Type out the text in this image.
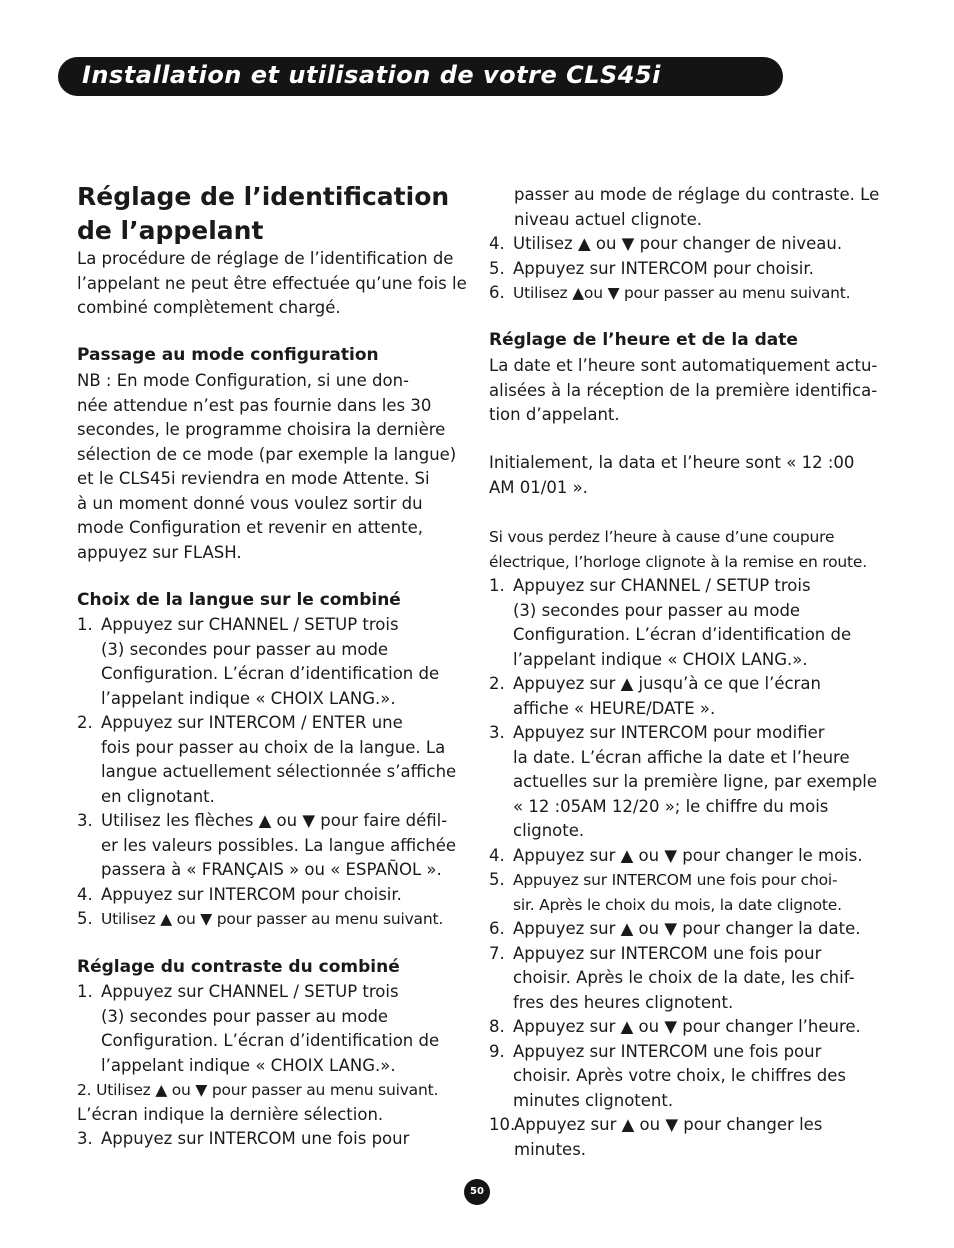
Installation et utilisation de votre CLS45i
Réglage de l’identification
de l’appelant
La procédure de réglage de l’identification de
l’appelant ne peut être effectuée qu’une fois le
combiné complètement chargé.
Passage au mode configuration
NB : En mode Configuration, si une don-
née attendue n’est pas fournie dans les 30
secondes, le programme choisira la dernière
sélection de ce mode (par exemple la langue)
et le CLS45i reviendra en mode Attente. Si
à un moment donné vous voulez sortir du
mode Configuration et revenir en attente,
appuyez sur FLASH.
Choix de la langue sur le combiné
1. Appuyez sur CHANNEL / SETUP trois
(3) secondes pour passer au mode
Configuration. L’écran d’identification de
l’appelant indique « CHOIX LANG.».
2. Appuyez sur INTERCOM / ENTER une
fois pour passer au choix de la langue. La
langue actuellement sélectionnée s’affiche
en clignotant.
3. Utilisez les flèches ▲ ou ▼ pour faire défil-
er les valeurs possibles. La langue affichée
passera à « FRANÇAIS » ou « ESPAÑOL ».
4. Appuyez sur INTERCOM pour choisir.
5. Utilisez ▲ ou ▼ pour passer au menu suivant.
Réglage du contraste du combiné
1. Appuyez sur CHANNEL / SETUP trois
(3) secondes pour passer au mode
Configuration. L’écran d’identification de
l’appelant indique « CHOIX LANG.».
2. Utilisez ▲ ou ▼ pour passer au menu suivant.
L’écran indique la dernière sélection.
3. Appuyez sur INTERCOM une fois pour
passer au mode de réglage du contraste. Le
niveau actuel clignote.
4. Utilisez ▲ ou ▼ pour changer de niveau.
5. Appuyez sur INTERCOM pour choisir.
6. Utilisez ▲ou ▼ pour passer au menu suivant.
Réglage de l’heure et de la date
La date et l’heure sont automatiquement actu-
alisées à la réception de la première identifica-
tion d’appelant.
Initialement, la data et l’heure sont « 12 :00
AM 01/01 ».
Si vous perdez l’heure à cause d’une coupure
électrique, l’horloge clignote à la remise en route.
1. Appuyez sur CHANNEL / SETUP trois
(3) secondes pour passer au mode
Configuration. L’écran d’identification de
l’appelant indique « CHOIX LANG.».
2. Appuyez sur ▲ jusqu’à ce que l’écran
affiche « HEURE/DATE ».
3. Appuyez sur INTERCOM pour modifier
la date. L’écran affiche la date et l’heure
actuelles sur la première ligne, par exemple
« 12 :05AM 12/20 »; le chiffre du mois
clignote.
4. Appuyez sur ▲ ou ▼ pour changer le mois.
5. Appuyez sur INTERCOM une fois pour choi-
sir. Après le choix du mois, la date clignote.
6. Appuyez sur ▲ ou ▼ pour changer la date.
7. Appuyez sur INTERCOM une fois pour
choisir. Après le choix de la date, les chif-
fres des heures clignotent.
8. Appuyez sur ▲ ou ▼ pour changer l’heure.
9. Appuyez sur INTERCOM une fois pour
choisir. Après votre choix, le chiffres des
minutes clignotent.
10.
Appuyez sur ▲ ou ▼ pour changer les
minutes.
50
